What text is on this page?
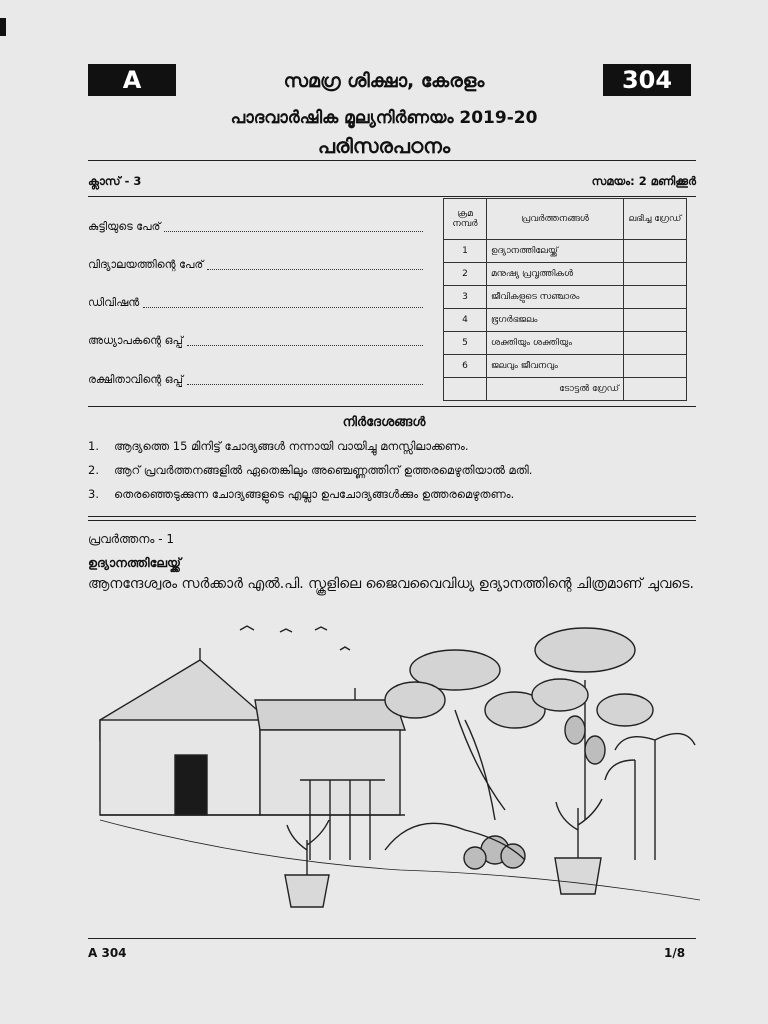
A	304
സമഗ്ര ശിക്ഷാ, കേരളം
പാദവാർഷിക മൂല്യനിർണയം 2019-20
പരിസരപഠനം
ക്ലാസ് - 3	സമയം: 2 മണിക്കൂർ
കുട്ടിയുടെ പേര്
വിദ്യാലയത്തിന്റെ പേര്
ഡിവിഷൻ
അധ്യാപകന്റെ ഒപ്പ്
രക്ഷിതാവിന്റെ ഒപ്പ്
ക്രമ നമ്പർ	പ്രവർത്തനങ്ങൾ	ലഭിച്ച ഗ്രേഡ്
1	ഉദ്യാനത്തിലേയ്ക്ക്	
2	മനുഷ്യ പ്രവൃത്തികൾ	
3	ജീവികളുടെ സഞ്ചാരം	
4	ഭൂഗർഭജലം	
5	ശക്തിയും ശക്തിയും	
6	ജലവും ജീവനവും	
	ടോട്ടൽ ഗ്രേഡ്	
നിർദേശങ്ങൾ
1.	ആദ്യത്തെ 15 മിനിട്ട് ചോദ്യങ്ങൾ നന്നായി വായിച്ചു മനസ്സിലാക്കണം.
2.	ആറ് പ്രവർത്തനങ്ങളിൽ ഏതെങ്കിലും അഞ്ചെണ്ണത്തിന് ഉത്തരമെഴുതിയാൽ മതി.
3.	തെരഞ്ഞെടുക്കുന്ന ചോദ്യങ്ങളുടെ എല്ലാ ഉപചോദ്യങ്ങൾക്കും ഉത്തരമെഴുതണം.
പ്രവർത്തനം - 1
ഉദ്യാനത്തിലേയ്ക്ക്
ആനന്ദേശ്വരം സർക്കാർ എൽ.പി. സ്കൂളിലെ ജൈവവൈവിധ്യ ഉദ്യാനത്തിന്റെ ചിത്രമാണ് ചുവടെ.
A 304	1/8
